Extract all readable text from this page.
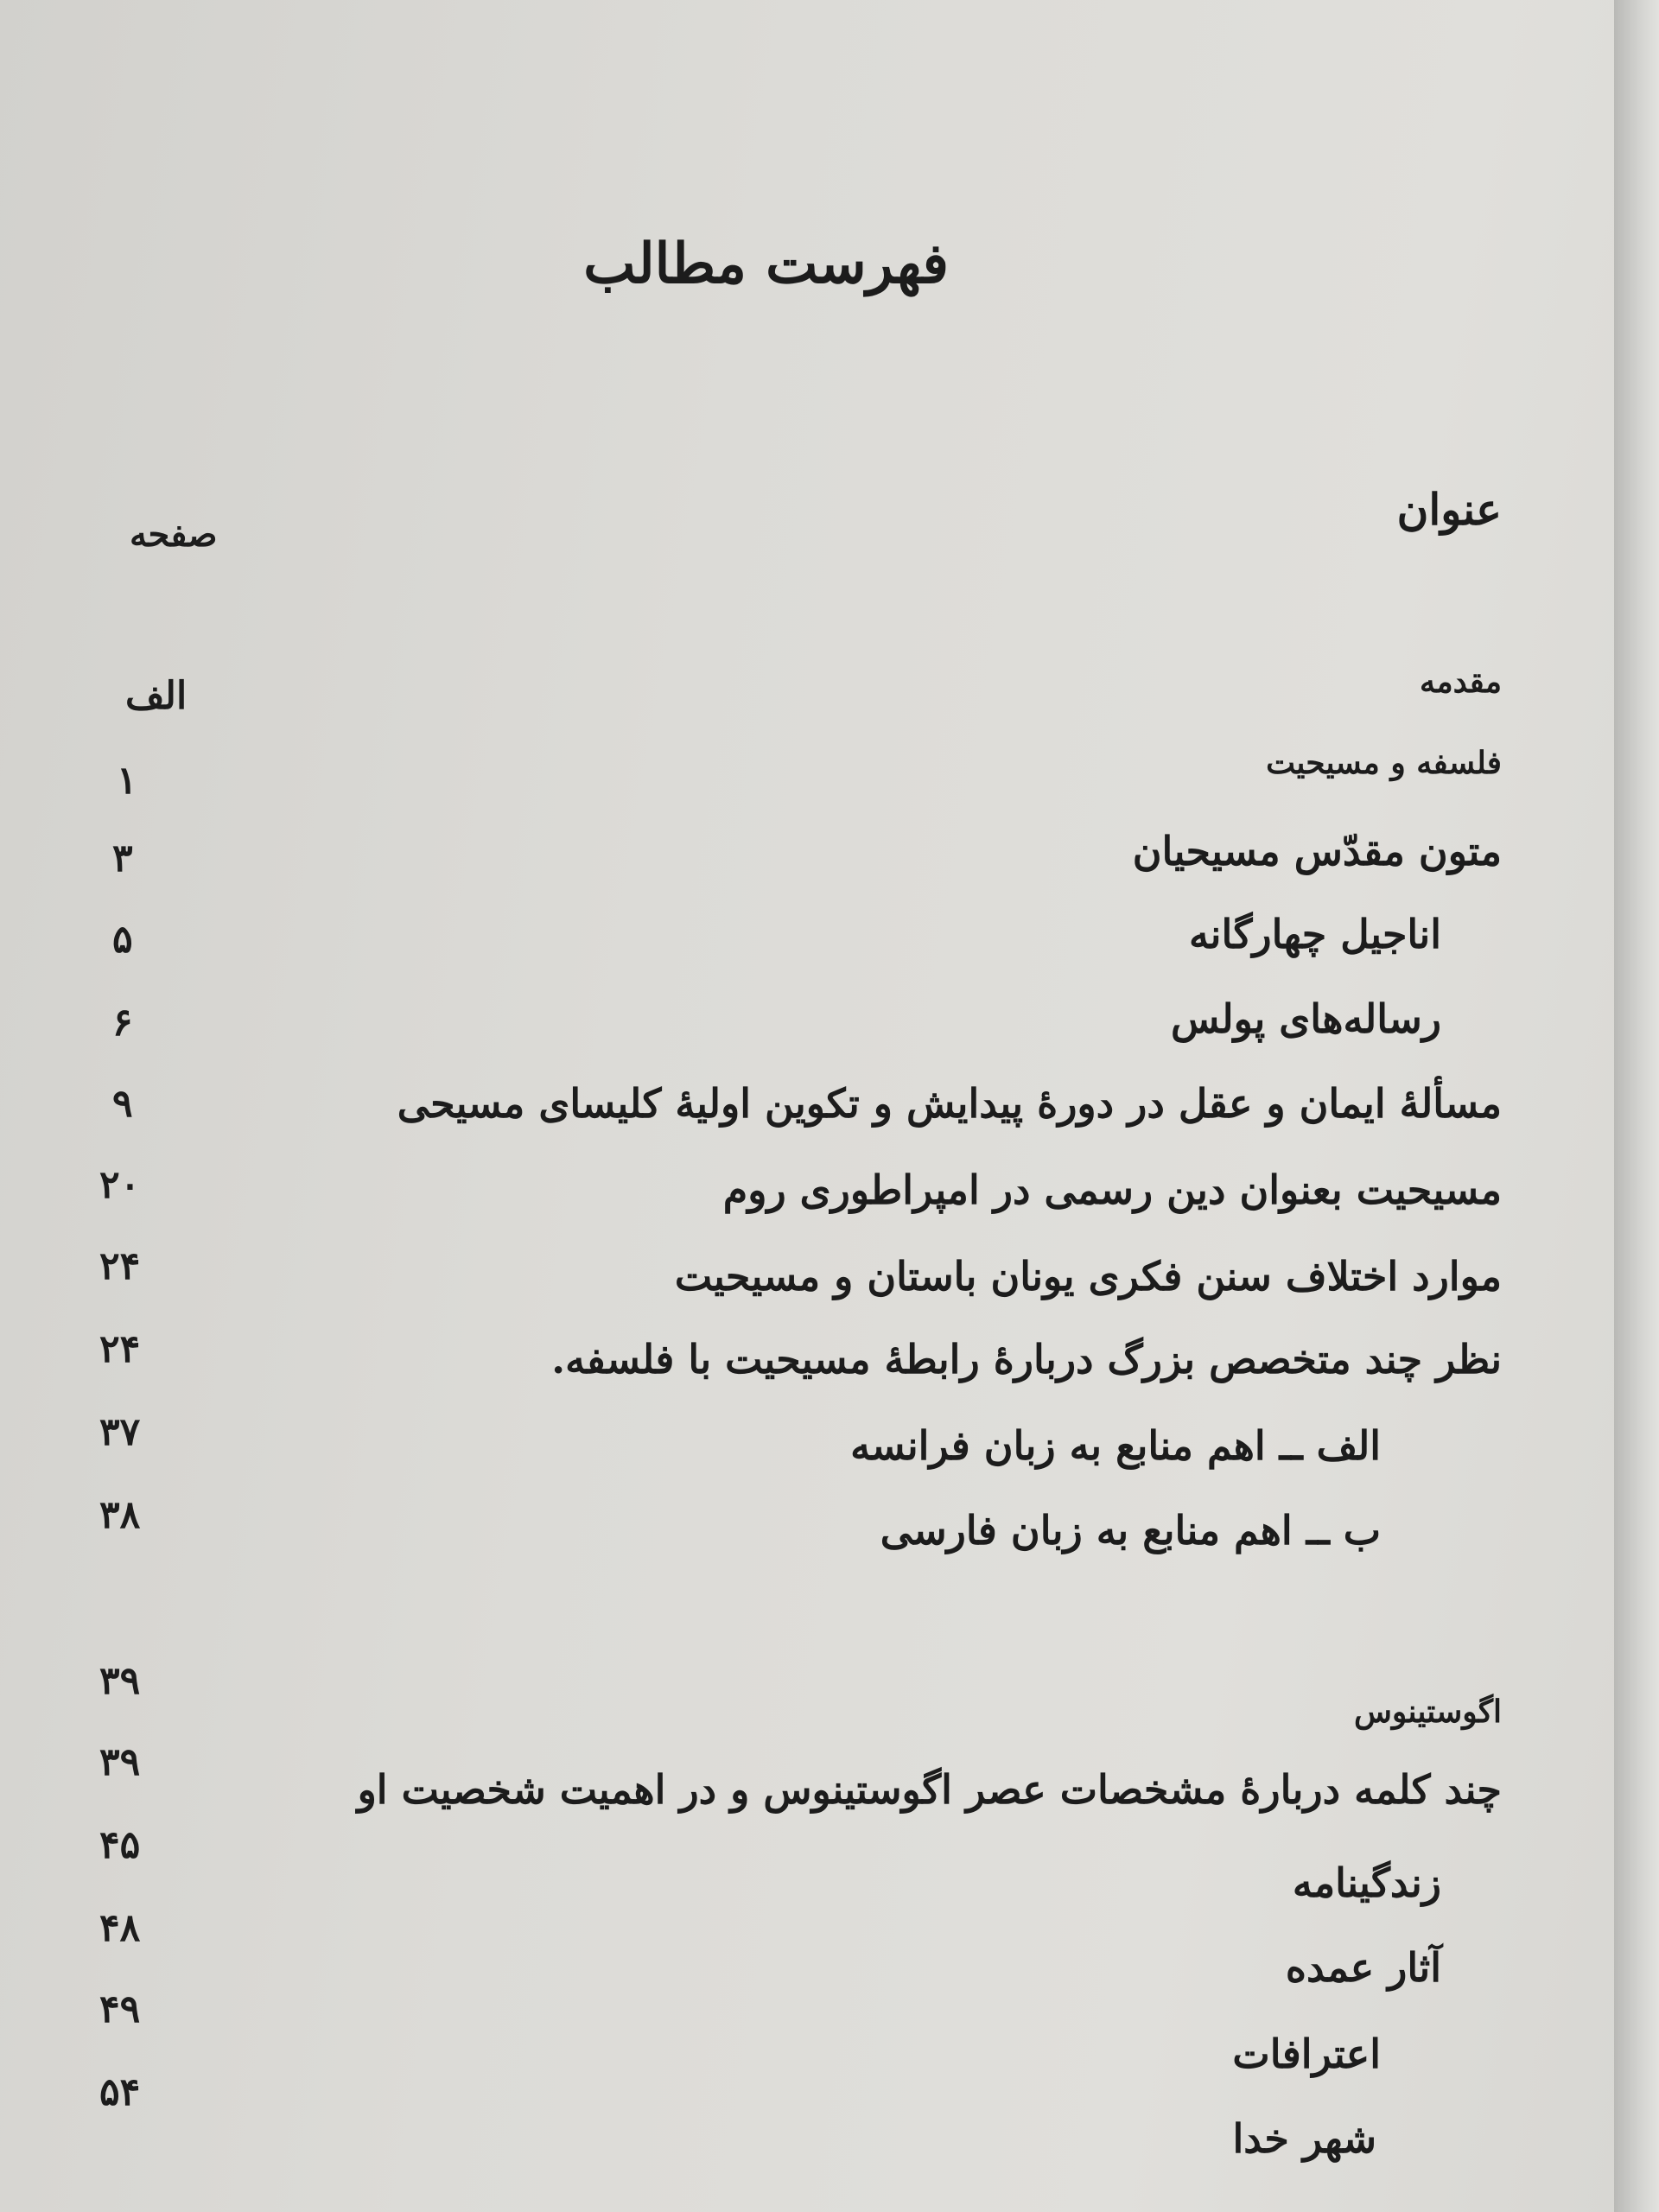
فهرست مطالب
عنوان
صفحه
مقدمه
فلسفه و مسیحیت
متون مقدّس مسیحیان
اناجیل چهارگانه
رساله‌های پولس
مسألهٔ ایمان و عقل در دورهٔ پیدایش و تکوین اولیهٔ کلیسای مسیحی
مسیحیت بعنوان دین رسمی در امپراطوری روم
موارد اختلاف سنن فکری یونان باستان و مسیحیت
نظر چند متخصص بزرگ دربارهٔ رابطهٔ مسیحیت با فلسفه.
الف ــ اهم منابع به زبان فرانسه
ب ــ اهم منابع به زبان فارسی
اگوستینوس
چند کلمه دربارهٔ مشخصات عصر اگوستینوس و در اهمیت شخصیت او
زندگینامه
آثار عمده
اعترافات
شهر خدا
الف
۱
۳
۵
۶
۹
۲۰
۲۴
۲۴
۳۷
۳۸
۳۹
۳۹
۴۵
۴۸
۴۹
۵۴
